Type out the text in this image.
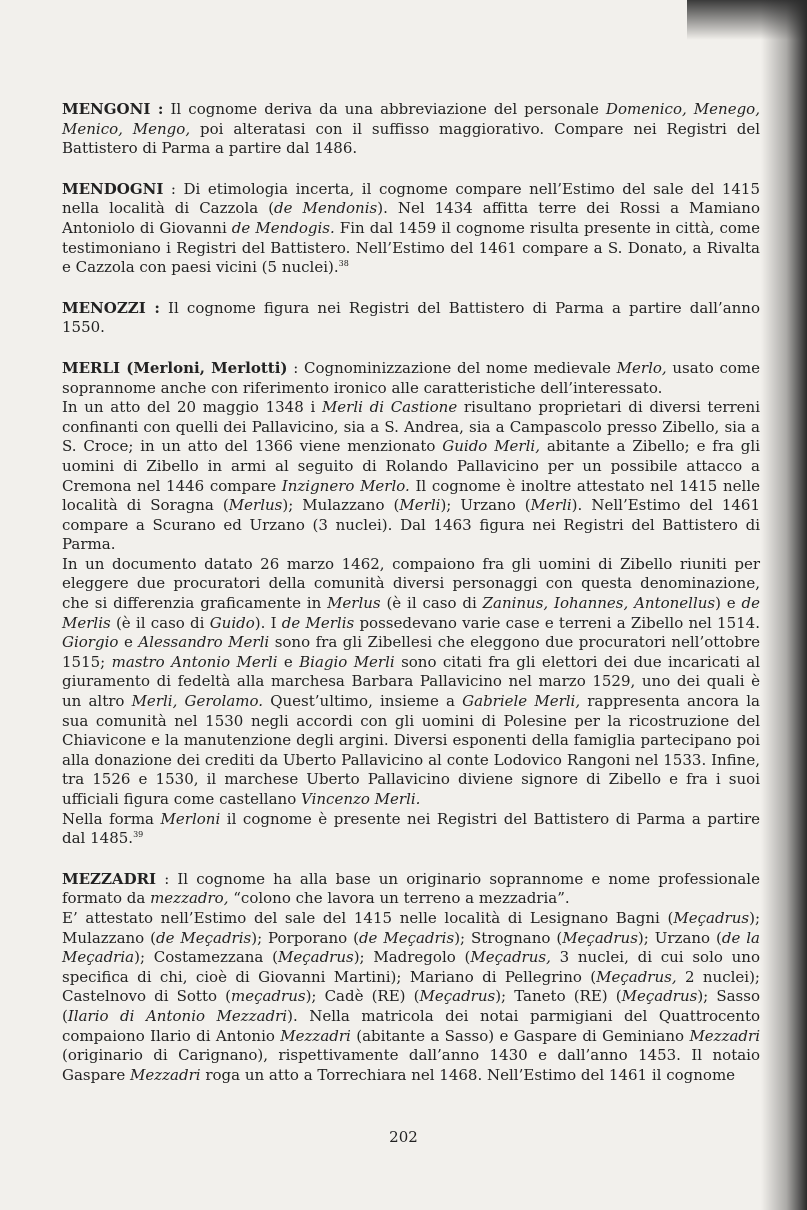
MENGONI : Il cognome deriva da una abbreviazione del personale Domenico, Menego, Menico, Mengo, poi alteratasi con il suffisso maggiorativo. Compare nei Registri del Battistero di Parma a partire dal 1486.

MENDOGNI : Di etimologia incerta, il cognome compare nell’Estimo del sale del 1415 nella località di Cazzola (de Mendonis). Nel 1434 affitta terre dei Rossi a Mamiano Antoniolo di Giovanni de Mendogis. Fin dal 1459 il cognome risulta presente in città, come testimoniano i Registri del Battistero. Nell’Estimo del 1461 compare a S. Donato, a Rivalta e Cazzola con paesi vicini (5 nuclei).$^{38}$

MENOZZI : Il cognome figura nei Registri del Battistero di Parma a partire dall’anno 1550.

MERLI (Merloni, Merlotti) : Cognominizzazione del nome medievale Merlo, usato come soprannome anche con riferimento ironico alle caratteristiche dell’interessato.

In un atto del 20 maggio 1348 i Merli di Castione risultano proprietari di diversi terreni confinanti con quelli dei Pallavicino, sia a S. Andrea, sia a Campascolo presso Zibello, sia a S. Croce; in un atto del 1366 viene menzionato Guido Merli, abitante a Zibello; e fra gli uomini di Zibello in armi al seguito di Rolando Pallavicino per un possibile attacco a Cremona nel 1446 compare Inzignero Merlo. Il cognome è inoltre attestato nel 1415 nelle località di Soragna (Merlus); Mulazzano (Merli); Urzano (Merli). Nell’Estimo del 1461 compare a Scurano ed Urzano (3 nuclei). Dal 1463 figura nei Registri del Battistero di Parma.

In un documento datato 26 marzo 1462, compaiono fra gli uomini di Zibello riuniti per eleggere due procuratori della comunità diversi personaggi con questa denominazione, che si differenzia graficamente in Merlus (è il caso di Zaninus, Iohannes, Antonellus) e de Merlis (è il caso di Guido). I de Merlis possedevano varie case e terreni a Zibello nel 1514. Giorgio e Alessandro Merli sono fra gli Zibellesi che eleggono due procuratori nell’ottobre 1515; mastro Antonio Merli e Biagio Merli sono citati fra gli elettori dei due incaricati al giuramento di fedeltà alla marchesa Barbara Pallavicino nel marzo 1529, uno dei quali è un altro Merli, Gerolamo. Quest’ultimo, insieme a Gabriele Merli, rappresenta ancora la sua comunità nel 1530 negli accordi con gli uomini di Polesine per la ricostruzione del Chiavicone e la manutenzione degli argini. Diversi esponenti della famiglia partecipano poi alla donazione dei crediti da Uberto Pallavicino al conte Lodovico Rangoni nel 1533. Infine, tra 1526 e 1530, il marchese Uberto Pallavicino diviene signore di Zibello e fra i suoi ufficiali figura come castellano Vincenzo Merli.

Nella forma Merloni il cognome è presente nei Registri del Battistero di Parma a partire dal 1485.39

MEZZADRI : Il cognome ha alla base un originario soprannome e nome professionale formato da mezzadro, “colono che lavora un terreno a mezzadria”.

E’ attestato nell’Estimo del sale del 1415 nelle località di Lesignano Bagni (Meçadrus); Mulazzano (de Meçadris); Porporano (de Meçadris); Strognano (Meçadrus); Urzano (de la Meçadria); Costamezzana (Meçadrus); Madregolo (Meçadrus, 3 nuclei, di cui solo uno specifica di chi, cioè di Giovanni Martini); Mariano di Pellegrino (Meçadrus, 2 nuclei); Castelnovo di Sotto (meçadrus); Cadè (RE) (Meçadrus); Taneto (RE) (Meçadrus); Sasso (Ilario di Antonio Mezzadri). Nella matricola dei notai parmigiani del Quattrocento compaiono Ilario di Antonio Mezzadri (abitante a Sasso) e Gaspare di Geminiano Mezzadri (originario di Carignano), rispettivamente dall’anno 1430 e dall’anno 1453. Il notaio Gaspare Mezzadri roga un atto a Torrechiara nel 1468. Nell’Estimo del 1461 il cognome

202
